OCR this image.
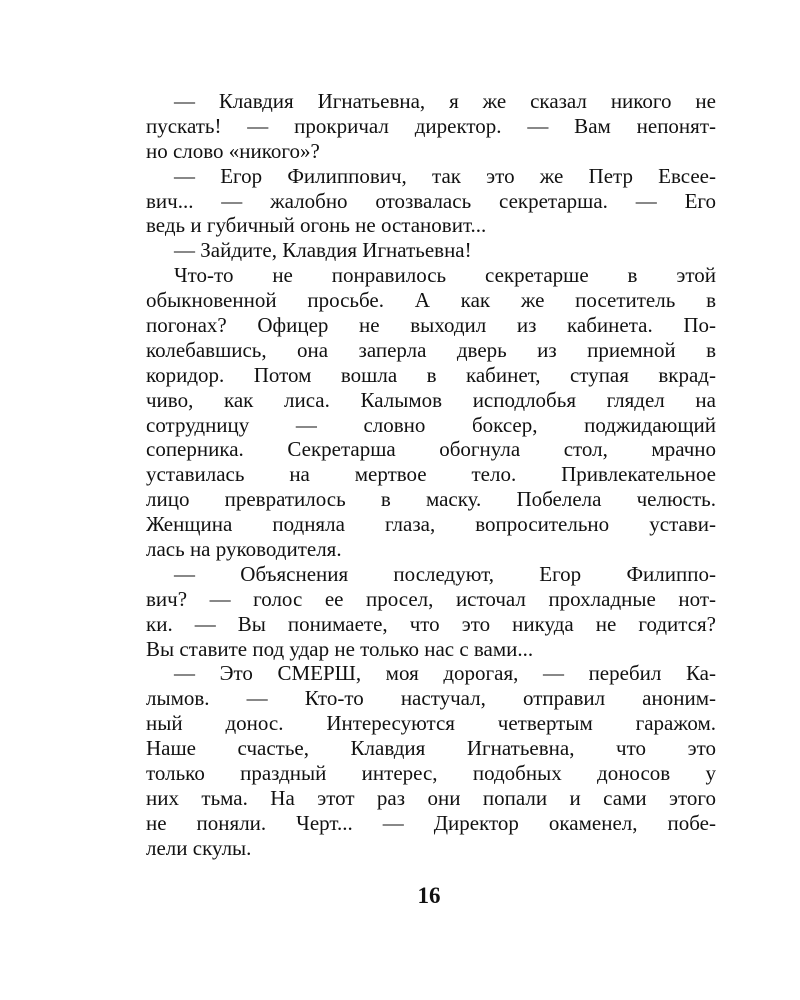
— Клавдия Игнатьевна, я же сказал никого не
пускать! — прокричал директор. — Вам непонят-
но слово «никого»?
— Егор Филиппович, так это же Петр Евсее-
вич... — жалобно отозвалась секретарша. — Его
ведь и губичный огонь не остановит...
— Зайдите, Клавдия Игнатьевна!
Что-то не понравилось секретарше в этой
обыкновенной просьбе. А как же посетитель в
погонах? Офицер не выходил из кабинета. По-
колебавшись, она заперла дверь из приемной в
коридор. Потом вошла в кабинет, ступая вкрад-
чиво, как лиса. Калымов исподлобья глядел на
сотрудницу — словно боксер, поджидающий
соперника. Секретарша обогнула стол, мрачно
уставилась на мертвое тело. Привлекательное
лицо превратилось в маску. Побелела челюсть.
Женщина подняла глаза, вопросительно устави-
лась на руководителя.
— Объяснения последуют, Егор Филиппо-
вич? — голос ее просел, источал прохладные нот-
ки. — Вы понимаете, что это никуда не годится?
Вы ставите под удар не только нас с вами...
— Это СМЕРШ, моя дорогая, — перебил Ка-
лымов. — Кто-то настучал, отправил аноним-
ный донос. Интересуются четвертым гаражом.
Наше счастье, Клавдия Игнатьевна, что это
только праздный интерес, подобных доносов у
них тьма. На этот раз они попали и сами этого
не поняли. Черт... — Директор окаменел, побе-
лели скулы.
16
